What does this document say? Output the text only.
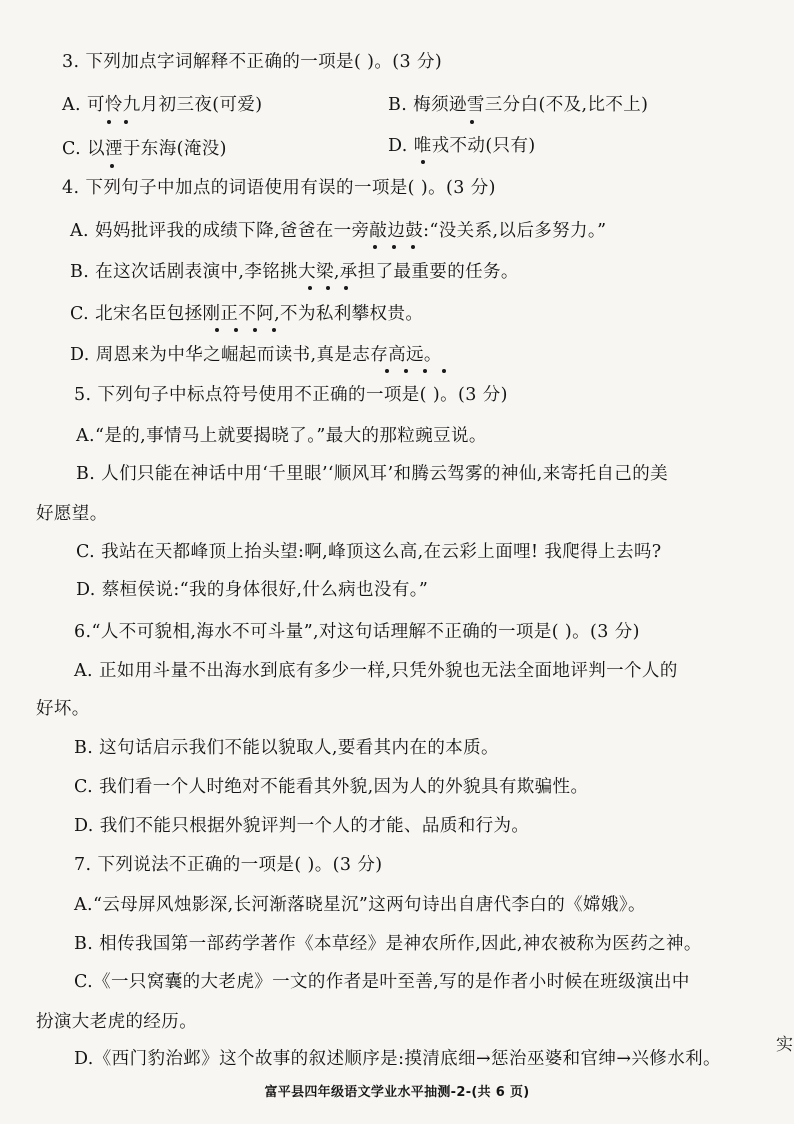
3. 下列加点字词解释不正确的一项是( )。(3 分)
A. 可怜九月初三夜(可爱)	B. 梅须逊雪三分白(不及,比不上)
C. 以湮于东海(淹没)	D. 唯戎不动(只有)
4. 下列句子中加点的词语使用有误的一项是( )。(3 分)
A. 妈妈批评我的成绩下降,爸爸在一旁敲边鼓:“没关系,以后多努力。”
B. 在这次话剧表演中,李铭挑大梁,承担了最重要的任务。
C. 北宋名臣包拯刚正不阿,不为私利攀权贵。
D. 周恩来为中华之崛起而读书,真是志存高远。
5. 下列句子中标点符号使用不正确的一项是( )。(3 分)
A.“是的,事情马上就要揭晓了。”最大的那粒豌豆说。
B. 人们只能在神话中用‘千里眼’‘顺风耳’和腾云驾雾的神仙,来寄托自己的美
好愿望。
C. 我站在天都峰顶上抬头望:啊,峰顶这么高,在云彩上面哩! 我爬得上去吗?
D. 蔡桓侯说:“我的身体很好,什么病也没有。”
6.“人不可貌相,海水不可斗量”,对这句话理解不正确的一项是( )。(3 分)
A. 正如用斗量不出海水到底有多少一样,只凭外貌也无法全面地评判一个人的
好坏。
B. 这句话启示我们不能以貌取人,要看其内在的本质。
C. 我们看一个人时绝对不能看其外貌,因为人的外貌具有欺骗性。
D. 我们不能只根据外貌评判一个人的才能、品质和行为。
7. 下列说法不正确的一项是( )。(3 分)
A.“云母屏风烛影深,长河渐落晓星沉”这两句诗出自唐代李白的《嫦娥》。
B. 相传我国第一部药学著作《本草经》是神农所作,因此,神农被称为医药之神。
C.《一只窝囊的大老虎》一文的作者是叶至善,写的是作者小时候在班级演出中
扮演大老虎的经历。
D.《西门豹治邺》这个故事的叙述顺序是:摸清底细→惩治巫婆和官绅→兴修水利。
富平县四年级语文学业水平抽测-2-(共 6 页)
实
